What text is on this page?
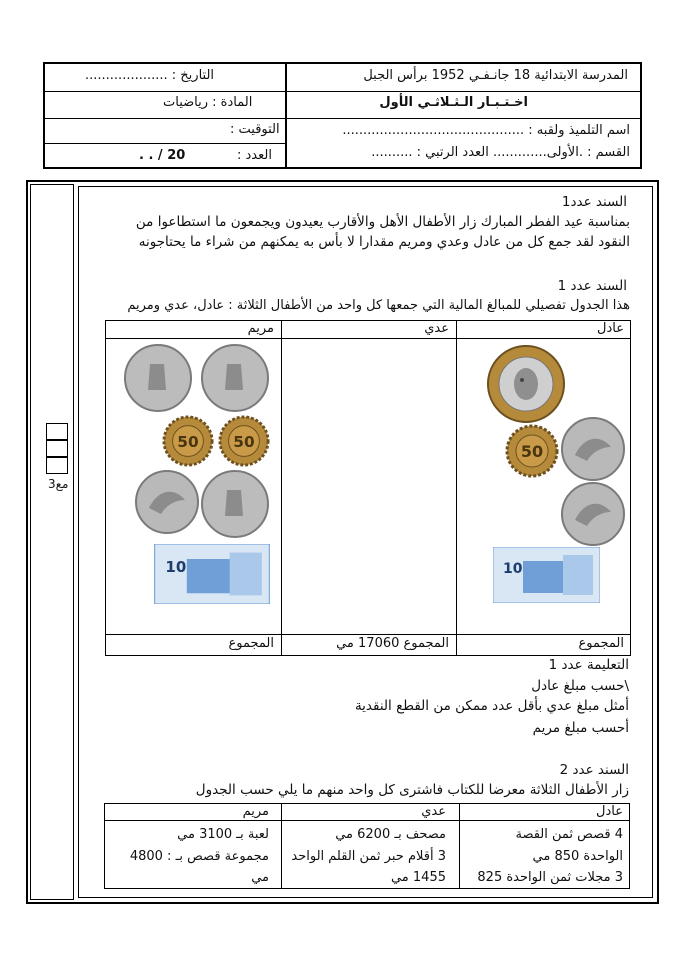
المدرسة الابتدائية 18 جانـفـي 1952 برأس الجبل
اخـتـبـار الـثـلاثـي الأول
اسم التلميذ ولقبه : ............................................
القسم : .الأولى............. العدد الرتبي : ..........
التاريخ : ....................
المادة : رياضيات
التوقيت :
العدد :
. . / 20
مع3
السند عدد1
بمناسبة عيد الفطر المبارك زار الأطفال الأهل والأقارب يعيدون ويجمعون ما استطاعوا من
النقود لقد جمع كل من عادل وعدي ومريم مقدارا لا بأس به يمكنهم من شراء ما يحتاجونه
السند عدد 1
هذا الجدول تفصيلي للمبالغ المالية التي جمعها كل واحد من الأطفال الثلاثة : عادل، عدي ومريم
عادل
عدي
مريم
المجموع
المجموع 17060 مي
المجموع
50
10
50 50
10
التعليمة عدد 1
\حسب مبلغ عادل
أمثل مبلغ عدي بأقل عدد ممكن من القطع النقدية
أحسب مبلغ مريم
السند عدد 2
زار الأطفال الثلاثة معرضا للكتاب فاشترى كل واحد منهم ما يلي حسب الجدول
عادل
عدي
مريم
4 قصص ثمن القصة
الواحدة 850 مي
3 مجلات ثمن الواحدة 825
مصحف بـ 6200 مي
3 أقلام حبر ثمن القلم الواحد
1455 مي
لعبة بـ 3100 مي
مجموعة قصص بـ : 4800
مي
